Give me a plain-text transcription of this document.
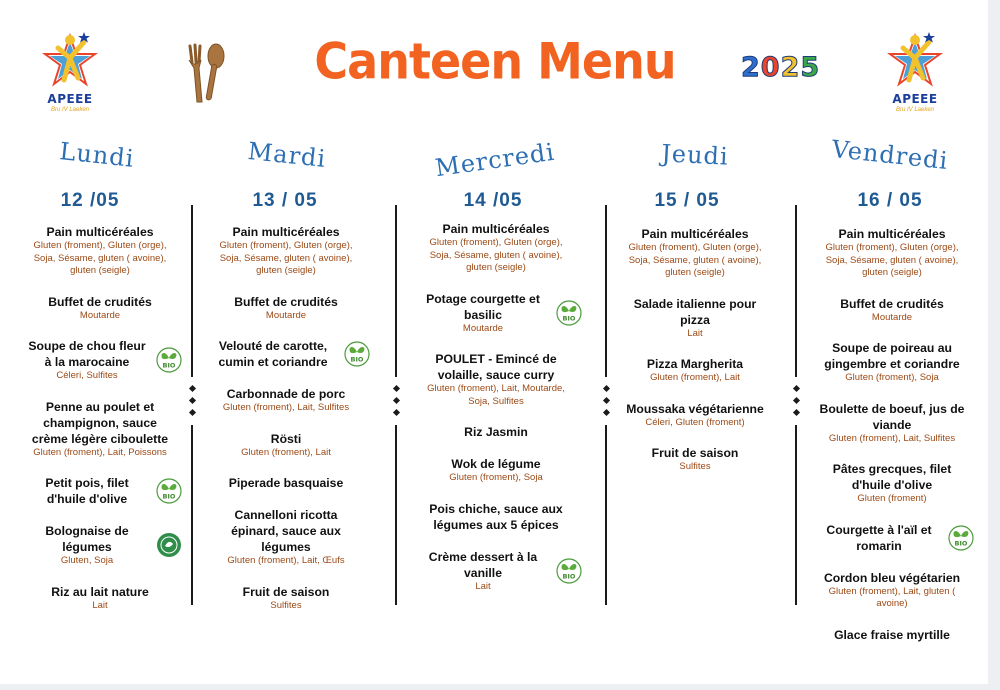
APEEE
Bru IV Laeken
Canteen Menu	2025
APEEE
Bru IV Laeken
Lundi	Mardi	Mercredi	Jeudi	Vendredi
12 /05	13 / 05	14 /05	15 / 05	16 / 05
Pain multicéréales
Gluten (froment), Gluten (orge), Soja, Sésame, gluten ( avoine), gluten (seigle)
Buffet de crudités
Moutarde
Soupe de chou fleur à la marocaine
Céleri, Sulfites
BIO
Penne au poulet et champignon, sauce crème légère ciboulette
Gluten (froment), Lait, Poissons
Petit pois, filet d'huile d'olive	BIO
Bolognaise de légumes
Gluten, Soja
Riz au lait nature
Lait
Pain multicéréales
Gluten (froment), Gluten (orge), Soja, Sésame, gluten ( avoine), gluten (seigle)
Buffet de crudités
Moutarde
Velouté de carotte, cumin et coriandre	BIO
Carbonnade de porc
Gluten (froment), Lait, Sulfites
Rösti
Gluten (froment), Lait
Piperade basquaise
Cannelloni ricotta épinard, sauce aux légumes
Gluten (froment), Lait, Œufs
Fruit de saison
Sulfites
Pain multicéréales
Gluten (froment), Gluten (orge), Soja, Sésame, gluten ( avoine), gluten (seigle)
Potage courgette et basilic
Moutarde
BIO
POULET - Emincé de volaille, sauce curry
Gluten (froment), Lait, Moutarde, Soja, Sulfites
Riz Jasmin
Wok de légume
Gluten (froment), Soja
Pois chiche, sauce aux légumes aux 5 épices
Crème dessert à la vanille
Lait
BIO
Pain multicéréales
Gluten (froment), Gluten (orge), Soja, Sésame, gluten ( avoine), gluten (seigle)
Salade italienne pour pizza
Lait
Pizza Margherita
Gluten (froment), Lait
Moussaka végétarienne
Céleri, Gluten (froment)
Fruit de saison
Sulfites
Pain multicéréales
Gluten (froment), Gluten (orge), Soja, Sésame, gluten ( avoine), gluten (seigle)
Buffet de crudités
Moutarde
Soupe de poireau au gingembre et coriandre
Gluten (froment), Soja
Boulette de boeuf, jus de viande
Gluten (froment), Lait, Sulfites
Pâtes grecques, filet d'huile d'olive
Gluten (froment)
Courgette à l'aïl et romarin	BIO
Cordon bleu végétarien
Gluten (froment), Lait, gluten ( avoine)
Glace fraise myrtille
